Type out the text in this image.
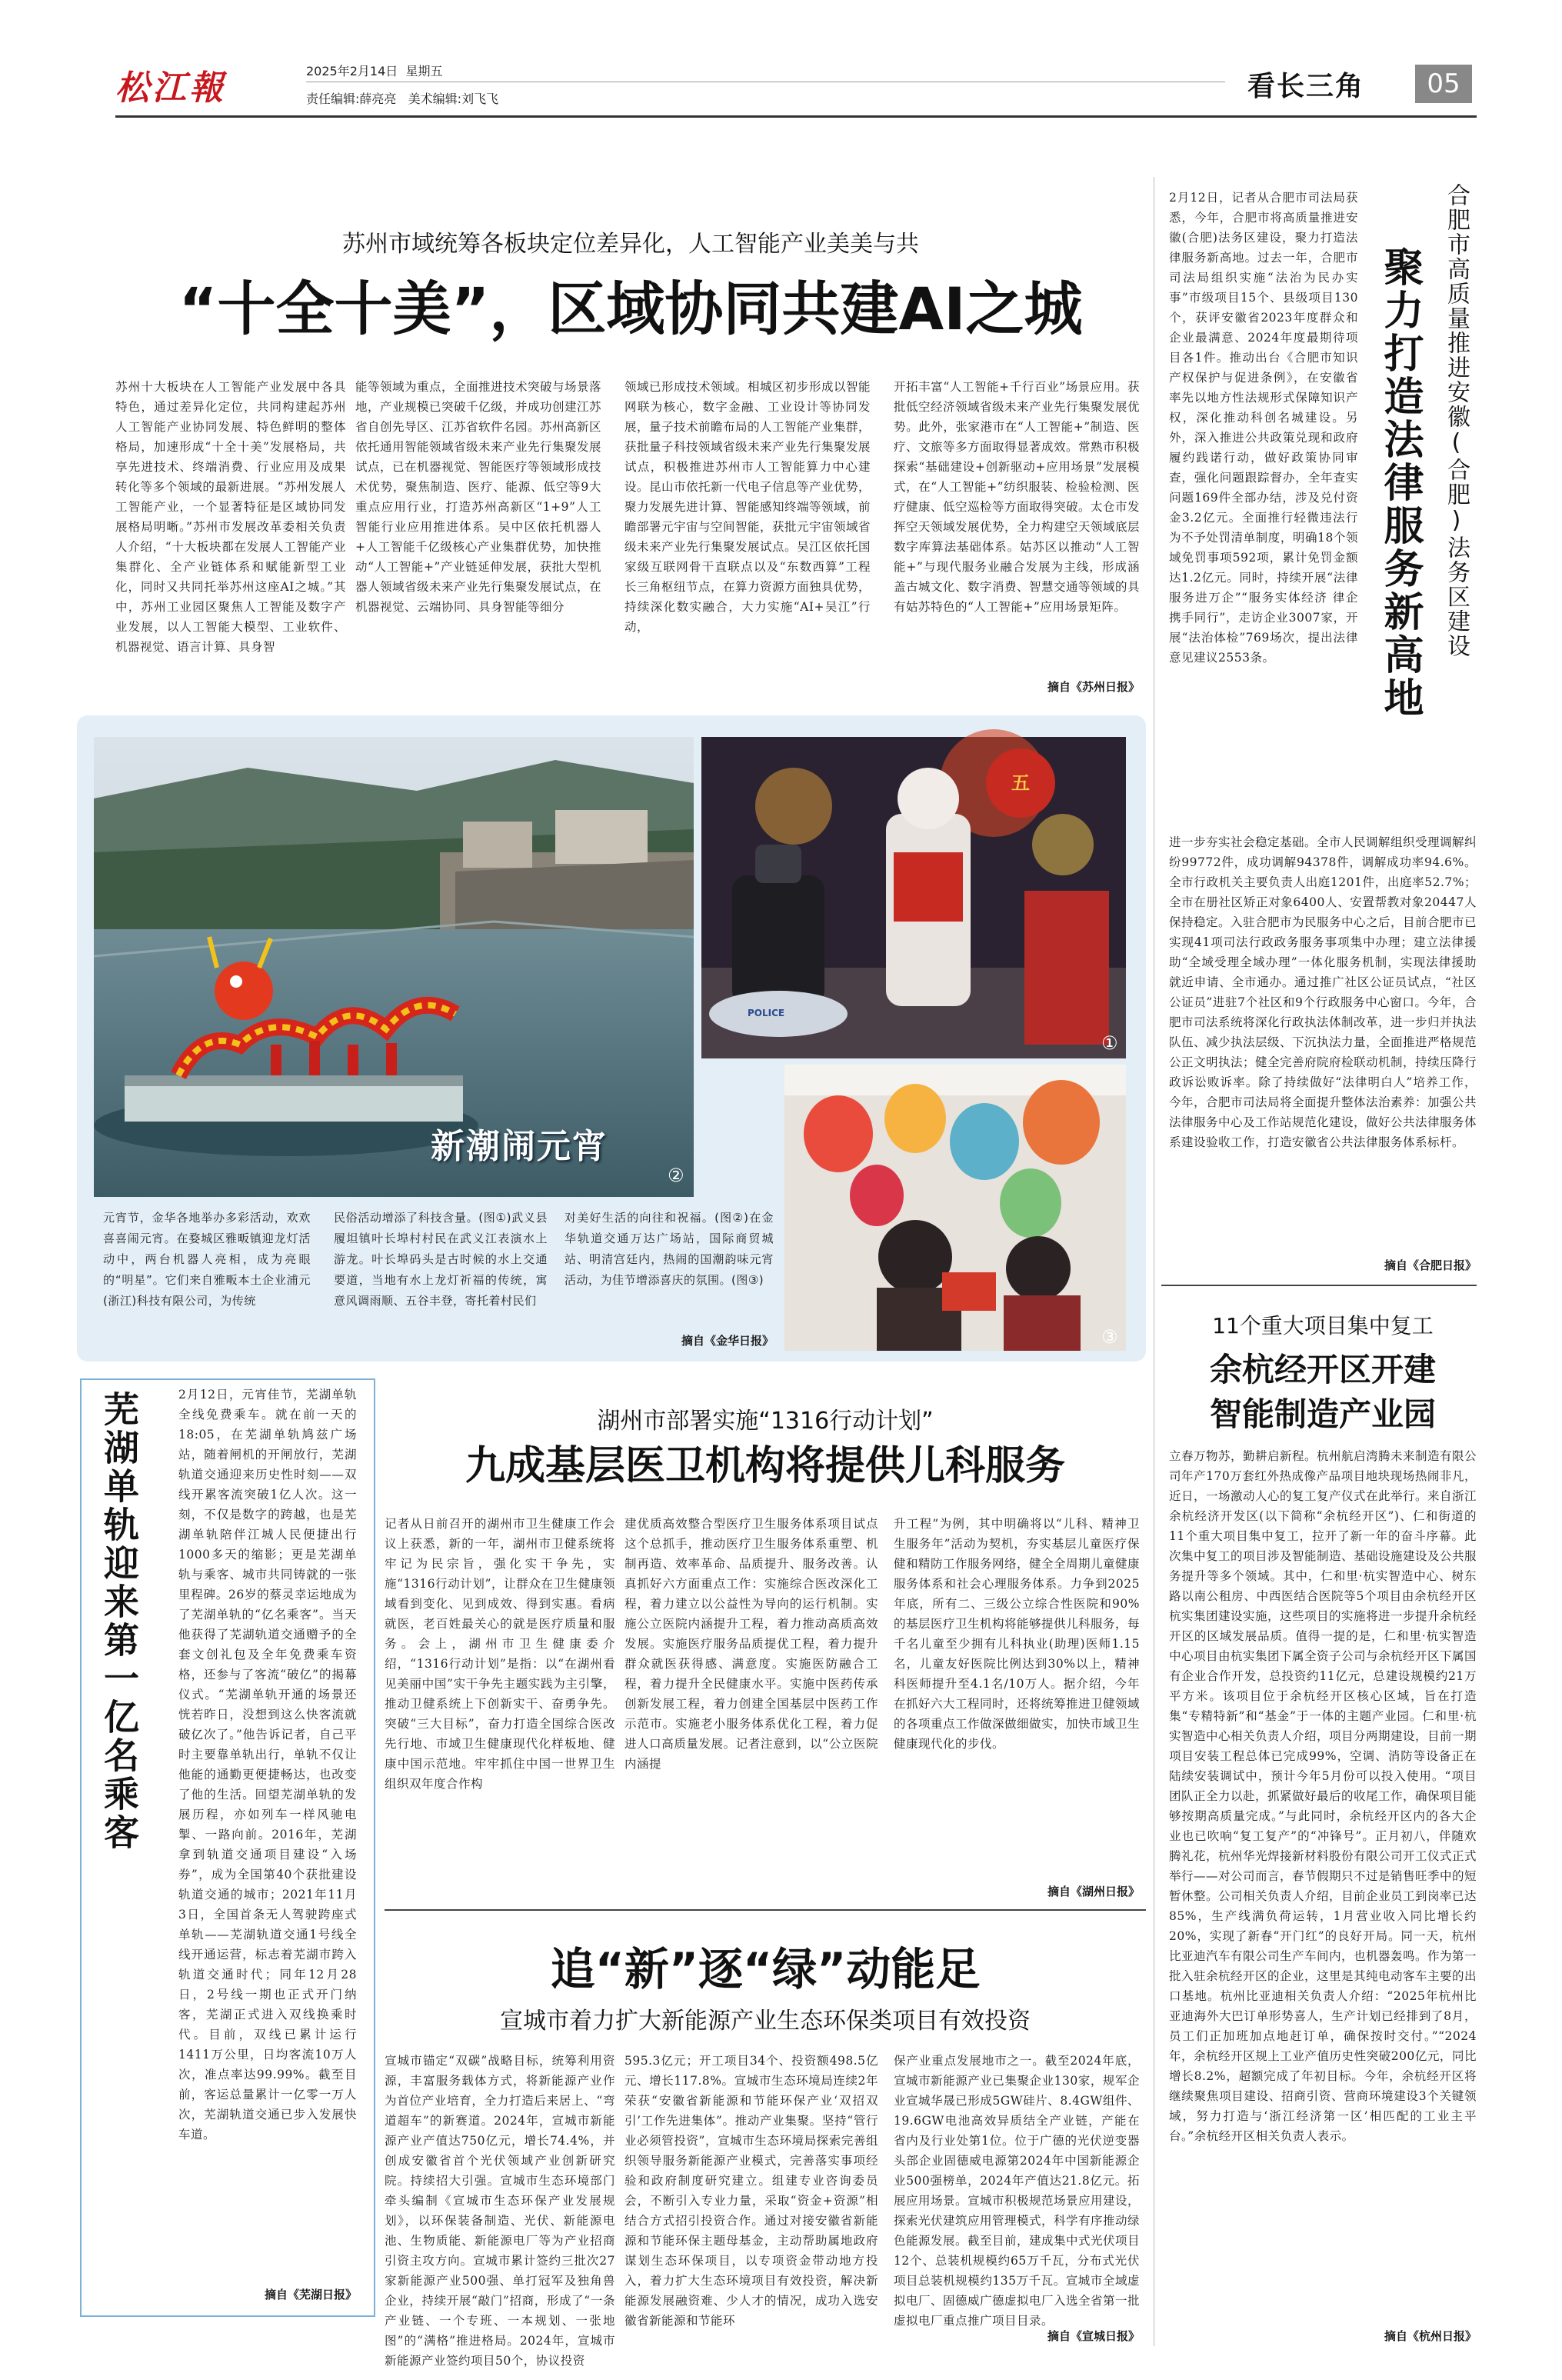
松江報	2025年2月14日 星期五
责任编辑:薛亮亮 美术编辑:刘飞飞	看长三角	05
苏州市域统筹各板块定位差异化，人工智能产业美美与共
“十全十美”，区域协同共建AI之城
苏州十大板块在人工智能产业发展中各具特色，通过差异化定位，共同构建起苏州人工智能产业协同发展、特色鲜明的整体格局，加速形成“十全十美”发展格局，共享先进技术、终端消费、行业应用及成果转化等多个领域的最新进展。“苏州发展人工智能产业，一个显著特征是区域协同发展格局明晰。”苏州市发展改革委相关负责人介绍，“十大板块都在发展人工智能产业集群化、全产业链体系和赋能新型工业化，同时又共同托举苏州这座AI之城。”其中，苏州工业园区聚焦人工智能及数字产业发展，以人工智能大模型、工业软件、机器视觉、语言计算、具身智
能等领域为重点，全面推进技术突破与场景落地，产业规模已突破千亿级，并成功创建江苏省自创先导区、江苏省软件名园。苏州高新区依托通用智能领域省级未来产业先行集聚发展试点，已在机器视觉、智能医疗等领域形成技术优势，聚焦制造、医疗、能源、低空等9大重点应用行业，打造苏州高新区“1+9”人工智能行业应用推进体系。吴中区依托机器人+人工智能千亿级核心产业集群优势，加快推动“人工智能+”产业链延伸发展，获批大型机器人领域省级未来产业先行集聚发展试点，在机器视觉、云端协同、具身智能等细分
领域已形成技术领域。相城区初步形成以智能网联为核心，数字金融、工业设计等协同发展，量子技术前瞻布局的人工智能产业集群，获批量子科技领域省级未来产业先行集聚发展试点，积极推进苏州市人工智能算力中心建设。昆山市依托新一代电子信息等产业优势，聚力发展先进计算、智能感知终端等领域，前瞻部署元宇宙与空间智能，获批元宇宙领域省级未来产业先行集聚发展试点。吴江区依托国家级互联网骨干直联点以及“东数西算”工程长三角枢纽节点，在算力资源方面独具优势，持续深化数实融合，大力实施“AI+吴江”行动，
开拓丰富“人工智能+千行百业”场景应用。获批低空经济领域省级未来产业先行集聚发展优势。此外，张家港市在“人工智能+”制造、医疗、文旅等多方面取得显著成效。常熟市积极探索“基础建设+创新驱动+应用场景”发展模式，在“人工智能+”纺织服装、检验检测、医疗健康、低空巡检等方面取得突破。太仓市发挥空天领域发展优势，全力构建空天领域底层数字库算法基础体系。姑苏区以推动“人工智能+”与现代服务业融合发展为主线，形成涵盖古城文化、数字消费、智慧交通等领域的具有姑苏特色的“人工智能+”应用场景矩阵。
摘自《苏州日报》
新潮闹元宵
②
五
POLICE
①
③
元宵节，金华各地举办多彩活动，欢欢喜喜闹元宵。在婺城区雅畈镇迎龙灯活动中，两台机器人亮相，成为亮眼的“明星”。它们来自雅畈本土企业浦元(浙江)科技有限公司，为传统
民俗活动增添了科技含量。(图①)武义县履坦镇叶长埠村村民在武义江表演水上游龙。叶长埠码头是古时候的水上交通要道，当地有水上龙灯祈福的传统，寓意风调雨顺、五谷丰登，寄托着村民们
对美好生活的向往和祝福。(图②)在金华轨道交通万达广场站，国际商贸城站、明清宫廷内，热闹的国潮韵味元宵活动，为佳节增添喜庆的氛围。(图③)
摘自《金华日报》
合肥市高质量推进安徽(合肥)法务区建设
聚力打造法律服务新高地
2月12日，记者从合肥市司法局获悉，今年，合肥市将高质量推进安徽(合肥)法务区建设，聚力打造法律服务新高地。过去一年，合肥市司法局组织实施“法治为民办实事”市级项目15个、县级项目130个，获评安徽省2023年度群众和企业最满意、2024年度最期待项目各1件。推动出台《合肥市知识产权保护与促进条例》，在安徽省率先以地方性法规形式保障知识产权，深化推动科创名城建设。另外，深入推进公共政策兑现和政府履约践诺行动，做好政策协同审查，强化问题跟踪督办，全年查实问题169件全部办结，涉及兑付资金3.2亿元。全面推行轻微违法行为不予处罚清单制度，明确18个领域免罚事项592项，累计免罚金额达1.2亿元。同时，持续开展“法律服务进万企”“服务实体经济 律企携手同行”，走访企业3007家，开展“法治体检”769场次，提出法律意见建议2553条。
进一步夯实社会稳定基础。全市人民调解组织受理调解纠纷99772件，成功调解94378件，调解成功率94.6%。全市行政机关主要负责人出庭1201件，出庭率52.7%；全市在册社区矫正对象6400人、安置帮教对象20447人保持稳定。入驻合肥市为民服务中心之后，目前合肥市已实现41项司法行政政务服务事项集中办理；建立法律援助“全域受理全域办理”一体化服务机制，实现法律援助就近申请、全市通办。通过推广社区公证员试点，“社区公证员”进驻7个社区和9个行政服务中心窗口。今年，合肥市司法系统将深化行政执法体制改革，进一步归并执法队伍、减少执法层级、下沉执法力量，全面推进严格规范公正文明执法；健全完善府院府检联动机制，持续压降行政诉讼败诉率。除了持续做好“法律明白人”培养工作，今年，合肥市司法局将全面提升整体法治素养：加强公共法律服务中心及工作站规范化建设，做好公共法律服务体系建设验收工作，打造安徽省公共法律服务体系标杆。
摘自《合肥日报》
11个重大项目集中复工
余杭经开区开建
智能制造产业园
立春万物苏，勤耕启新程。杭州航启湾腾未来制造有限公司年产170万套红外热成像产品项目地块现场热闹非凡，近日，一场激动人心的复工复产仪式在此举行。来自浙江余杭经济开发区(以下简称“余杭经开区”)、仁和街道的11个重大项目集中复工，拉开了新一年的奋斗序幕。此次集中复工的项目涉及智能制造、基础设施建设及公共服务提升等多个领域。其中，仁和里·杭实智造中心、树东路以南公租房、中西医结合医院等5个项目由余杭经开区杭实集团建设实施，这些项目的实施将进一步提升余杭经开区的区域发展品质。值得一提的是，仁和里·杭实智造中心项目由杭实集团下属全资子公司与余杭经开区下属国有企业合作开发，总投资约11亿元，总建设规模约21万平方米。该项目位于余杭经开区核心区域，旨在打造集“专精特新”和“基金”于一体的主题产业园。仁和里·杭实智造中心相关负责人介绍，项目分两期建设，目前一期项目安装工程总体已完成99%，空调、消防等设备正在陆续安装调试中，预计今年5月份可以投入使用。“项目团队正全力以赴，抓紧做好最后的收尾工作，确保项目能够按期高质量完成。”与此同时，余杭经开区内的各大企业也已吹响“复工复产”的“冲锋号”。正月初八，伴随欢腾礼花，杭州华光焊接新材料股份有限公司开工仪式正式举行——对公司而言，春节假期只不过是销售旺季中的短暂休整。公司相关负责人介绍，目前企业员工到岗率已达85%，生产线满负荷运转，1月营业收入同比增长约20%，实现了新春“开门红”的良好开局。同一天，杭州比亚迪汽车有限公司生产车间内，也机器轰鸣。作为第一批入驻余杭经开区的企业，这里是其纯电动客车主要的出口基地。杭州比亚迪相关负责人介绍：“2025年杭州比亚迪海外大巴订单形势喜人，生产计划已经排到了8月，员工们正加班加点地赶订单，确保按时交付。”“2024年，余杭经开区规上工业产值历史性突破200亿元，同比增长8.2%，超额完成了年初目标。今年，余杭经开区将继续聚焦项目建设、招商引资、营商环境建设3个关键领域，努力打造与‘浙江经济第一区’相匹配的工业主平台。”余杭经开区相关负责人表示。
摘自《杭州日报》
芜湖单轨迎来第一亿名乘客	2月12日，元宵佳节，芜湖单轨全线免费乘车。就在前一天的18:05，在芜湖单轨鸠兹广场站，随着闸机的开闸放行，芜湖轨道交通迎来历史性时刻——双线开累客流突破1亿人次。这一刻，不仅是数字的跨越，也是芜湖单轨陪伴江城人民便捷出行1000多天的缩影；更是芜湖单轨与乘客、城市共同铸就的一张里程碑。26岁的蔡灵幸运地成为了芜湖单轨的“亿名乘客”。当天他获得了芜湖轨道交通赠予的全套文创礼包及全年免费乘车资格，还参与了客流“破亿”的揭幕仪式。“芜湖单轨开通的场景还恍若昨日，没想到这么快客流就破亿次了。”他告诉记者，自己平时主要靠单轨出行，单轨不仅让他能的通勤更便捷畅达，也改变了他的生活。回望芜湖单轨的发展历程，亦如列车一样风驰电掣、一路向前。2016年，芜湖拿到轨道交通项目建设“入场券”，成为全国第40个获批建设轨道交通的城市；2021年11月3日，全国首条无人驾驶跨座式单轨——芜湖轨道交通1号线全线开通运营，标志着芜湖市跨入轨道交通时代；同年12月28日，2号线一期也正式开门纳客，芜湖正式进入双线换乘时代。目前，双线已累计运行1411万公里，日均客流10万人次，准点率达99.99%。截至目前，客运总量累计一亿零一万人次，芜湖轨道交通已步入发展快车道。
摘自《芜湖日报》
湖州市部署实施“1316行动计划”
九成基层医卫机构将提供儿科服务
记者从日前召开的湖州市卫生健康工作会议上获悉，新的一年，湖州市卫健系统将牢记为民宗旨，强化实干争先，实施“1316行动计划”，让群众在卫生健康领域看到变化、见到成效、得到实惠。看病就医，老百姓最关心的就是医疗质量和服务。会上，湖州市卫生健康委介绍，“1316行动计划”是指：以“在湖州看见美丽中国”实干争先主题实践为主引擎，推动卫健系统上下创新实干、奋勇争先。突破“三大目标”，奋力打造全国综合医改先行地、市域卫生健康现代化样板地、健康中国示范地。牢牢抓住中国一世界卫生组织双年度合作构
建优质高效整合型医疗卫生服务体系项目试点这个总抓手，推动医疗卫生服务体系重塑、机制再造、效率革命、品质提升、服务改善。认真抓好六方面重点工作：实施综合医改深化工程，着力建立以公益性为导向的运行机制。实施公立医院内涵提升工程，着力推动高质高效发展。实施医疗服务品质提优工程，着力提升群众就医获得感、满意度。实施医防融合工程，着力提升全民健康水平。实施中医药传承创新发展工程，着力创建全国基层中医药工作示范市。实施老小服务体系优化工程，着力促进人口高质量发展。记者注意到，以“公立医院内涵提
升工程”为例，其中明确将以“儿科、精神卫生服务年”活动为契机，夯实基层儿童医疗保健和精防工作服务网络，健全全周期儿童健康服务体系和社会心理服务体系。力争到2025年底，所有二、三级公立综合性医院和90%的基层医疗卫生机构将能够提供儿科服务，每千名儿童至少拥有儿科执业(助理)医师1.15名，儿童友好医院比例达到30%以上，精神科医师提升至4.1名/10万人。据介绍，今年在抓好六大工程同时，还将统筹推进卫健领域的各项重点工作做深做细做实，加快市域卫生健康现代化的步伐。
摘自《湖州日报》
追“新”逐“绿”动能足
宣城市着力扩大新能源产业生态环保类项目有效投资
宣城市锚定“双碳”战略目标，统筹利用资源，丰富服务载体方式，将新能源产业作为首位产业培育，全力打造后来居上、“弯道超车”的新赛道。2024年，宣城市新能源产业产值达750亿元，增长74.4%，并创成安徽省首个光伏领域产业创新研究院。持续招大引强。宣城市生态环境部门牵头编制《宣城市生态环保产业发展规划》，以环保装备制造、光伏、新能源电池、生物质能、新能源电厂等为产业招商引资主攻方向。宣城市累计签约三批次27家新能源产业500强、单打冠军及独角兽企业，持续开展“敲门”招商，形成了“一条产业链、一个专班、一本规划、一张地图”的“满格”推进格局。2024年，宣城市新能源产业签约项目50个，协议投资
595.3亿元；开工项目34个、投资额498.5亿元、增长117.8%。宣城市生态环境局连续2年荣获“安徽省新能源和节能环保产业‘双招双引’工作先进集体”。推动产业集聚。坚持“管行业必须管投资”，宣城市生态环境局探索完善组织领导服务新能源产业模式，完善落实事项经验和政府制度研究建立。组建专业咨询委员会，不断引入专业力量，采取“资金+资源”相结合方式招引投资合作。通过对接安徽省新能源和节能环保主题母基金，主动帮助属地政府谋划生态环保项目，以专项资金带动地方投入，着力扩大生态环境项目有效投资，解决新能源发展融资难、少人才的情况，成功入选安徽省新能源和节能环
保产业重点发展地市之一。截至2024年底，宣城市新能源产业已集聚企业130家，规军企业宣城华晟已形成5GW硅片、8.4GW组件、19.6GW电池高效异质结全产业链，产能在省内及行业处第1位。位于广德的光伏逆变器头部企业固德威电源第2024年中国新能源企业500强榜单，2024年产值达21.8亿元。拓展应用场景。宣城市积极规范场景应用建设，探索光伏建筑应用管理模式，科学有序推动绿色能源发展。截至目前，建成集中式光伏项目12个、总装机规模约65万千瓦，分布式光伏项目总装机规模约135万千瓦。宣城市全域虚拟电厂、固德威广德虚拟电厂入选全省第一批虚拟电厂重点推广项目目录。
摘自《宣城日报》
